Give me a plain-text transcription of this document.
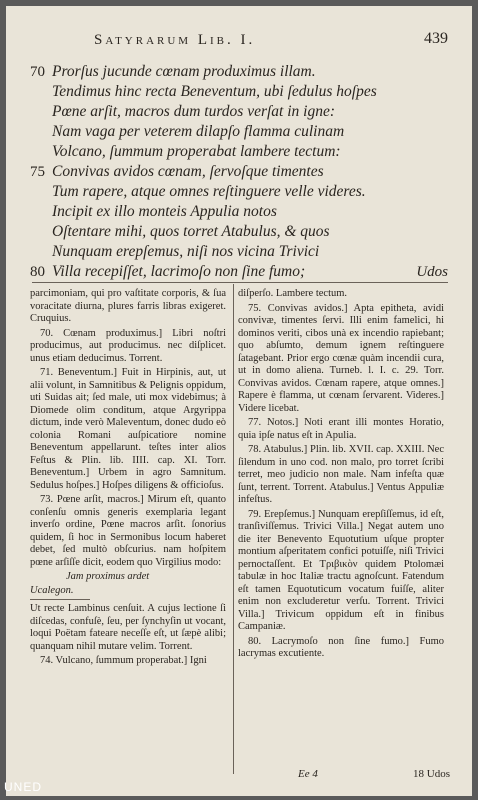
Satyrarum Lib. I.	439
70 Prorſus jucunde cœnam produximus illam.
Tendimus hinc recta Beneventum, ubi ſedulus hoſpes
Pœne arſit, macros dum turdos verſat in igne:
Nam vaga per veterem dilapſo flamma culinam
Volcano, ſummum properabat lambere tectum:
75 Convivas avidos cœnam, ſervoſque timentes
Tum rapere, atque omnes reſtinguere velle videres.
Incipit ex illo monteis Appulia notos
Oſtentare mihi, quos torret Atabulus, & quos
Nunquam erepſemus, niſi nos vicina Trivici
80 Villa recepiſſet, lacrimoſo non ſine fumo;	Udos

parcimoniam, qui pro vaſtitate corporis, & ſua voracitate diurna, plures farris libras exigeret. Cruquius.

70. Cœnam produximus.] Libri noſtri producimus, aut producimus. nec diſplicet. unus etiam deducimus. Torrent.

71. Beneventum.] Fuit in Hirpinis, aut, ut alii volunt, in Samnitibus & Pelignis oppidum, uti Suidas ait; ſed male, uti mox videbimus; à Diomede olim conditum, atque Argyrippa dictum, inde verò Maleventum, donec dudo eò colonia Romani auſpicatiore nomine Beneventum appellarunt. teſtes inter alios Feſtus & Plin. lib. IIII. cap. XI. Torr. Beneventum.] Urbem in agro Samnitum. Sedulus hoſpes.] Hoſpes diligens & officioſus.

73. Pœne arſit, macros.] Mirum eſt, quanto conſenſu omnis generis exemplaria legant inverſo ordine, Pœne macros arſit. ſonorius quidem, ſi hoc in Sermonibus locum haberet debet, ſed multò obſcurius. nam hoſpitem pœne arſiſſe dicit, eodem quo Virgilius modo:

Jam proximus ardet

Ucalegon.

Ut recte Lambinus cenſuit. A cujus lectione ſi diſcedas, confuſè, ſeu, per ſynchyſin ut vocant, loqui Poëtam fateare neceſſe eſt, ut ſæpè alibi; quanquam nihil mutare velim. Torrent.

74. Vulcano, ſummum properabat.] Igni

diſperſo. Lambere tectum.

75. Convivas avidos.] Apta epitheta, avidi convivæ, timentes ſervi. Illi enim famelici, hi dominos veriti, cibos unà ex incendio rapiebant; quo abſumto, demum ignem reſtinguere ſatagebant. Prior ergo cœnæ quàm incendii cura, ut in domo aliena. Turneb. l. I. c. 29. Torr. Convivas avidos. Cœnam rapere, atque omnes.] Rapere è flamma, ut cœnam ſervarent. Videres.] Videre licebat.

77. Notos.] Noti erant illi montes Horatio, quia ipſe natus eſt in Apulia.

78. Atabulus.] Plin. lib. XVII. cap. XXIII. Nec ſilendum in uno cod. non malo, pro torret ſcribi terret, meo judicio non male. Nam infeſta quæ ſunt, terrent. Torrent. Atabulus.] Ventus Appuliæ infeſtus.

79. Erepſemus.] Nunquam erepſiſſemus, id eſt, tranſiviſſemus. Trivici Villa.] Negat autem uno die iter Benevento Equotutium uſque propter montium aſperitatem confici potuiſſe, niſi Trivici pernoctaſſent. Et Τριβικὸν quidem Ptolomæi tabulæ in hoc Italiæ tractu agnoſcunt. Fatendum eſt tamen Equotuticum vocatum fuiſſe, aliter enim non excluderetur verſu. Torrent. Trivici Villa.] Trivicum oppidum eſt in finibus Campaniæ.

80. Lacrymoſo non ſine fumo.] Fumo lacrymas excutiente.

Ee 4	18 Udos
UNED
